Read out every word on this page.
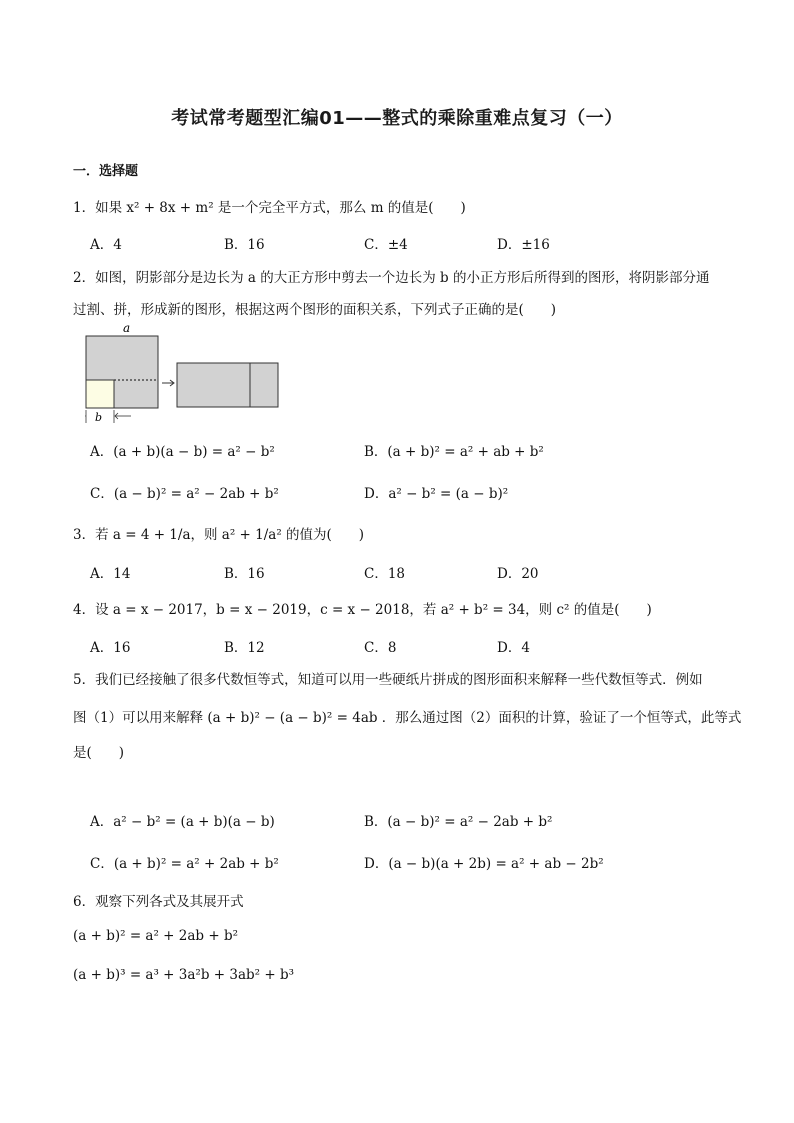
考试常考题型汇编01——整式的乘除重难点复习（一）
一．选择题
1．如果 x² + 8x + m² 是一个完全平方式，那么 m 的值是(　　)
A．4	B．16	C．±4	D．±16
2．如图，阴影部分是边长为 a 的大正方形中剪去一个边长为 b 的小正方形后所得到的图形，将阴影部分通
过割、拼，形成新的图形，根据这两个图形的面积关系，下列式子正确的是(　　)
a
b
A．(a + b)(a − b) = a² − b²	B．(a + b)² = a² + ab + b²
C．(a − b)² = a² − 2ab + b²	D．a² − b² = (a − b)²
3．若 a = 4 + 1/a，则 a² + 1/a² 的值为(　　)
A．14	B．16	C．18	D．20
4．设 a = x − 2017，b = x − 2019，c = x − 2018，若 a² + b² = 34，则 c² 的值是(　　)
A．16	B．12	C．8	D．4
5．我们已经接触了很多代数恒等式，知道可以用一些硬纸片拼成的图形面积来解释一些代数恒等式．例如
图（1）可以用来解释 (a + b)² − (a − b)² = 4ab ．那么通过图（2）面积的计算，验证了一个恒等式，此等式
是(　　)
A．a² − b² = (a + b)(a − b)	B．(a − b)² = a² − 2ab + b²
C．(a + b)² = a² + 2ab + b²	D．(a − b)(a + 2b) = a² + ab − 2b²
6．观察下列各式及其展开式
(a + b)² = a² + 2ab + b²
(a + b)³ = a³ + 3a²b + 3ab² + b³
